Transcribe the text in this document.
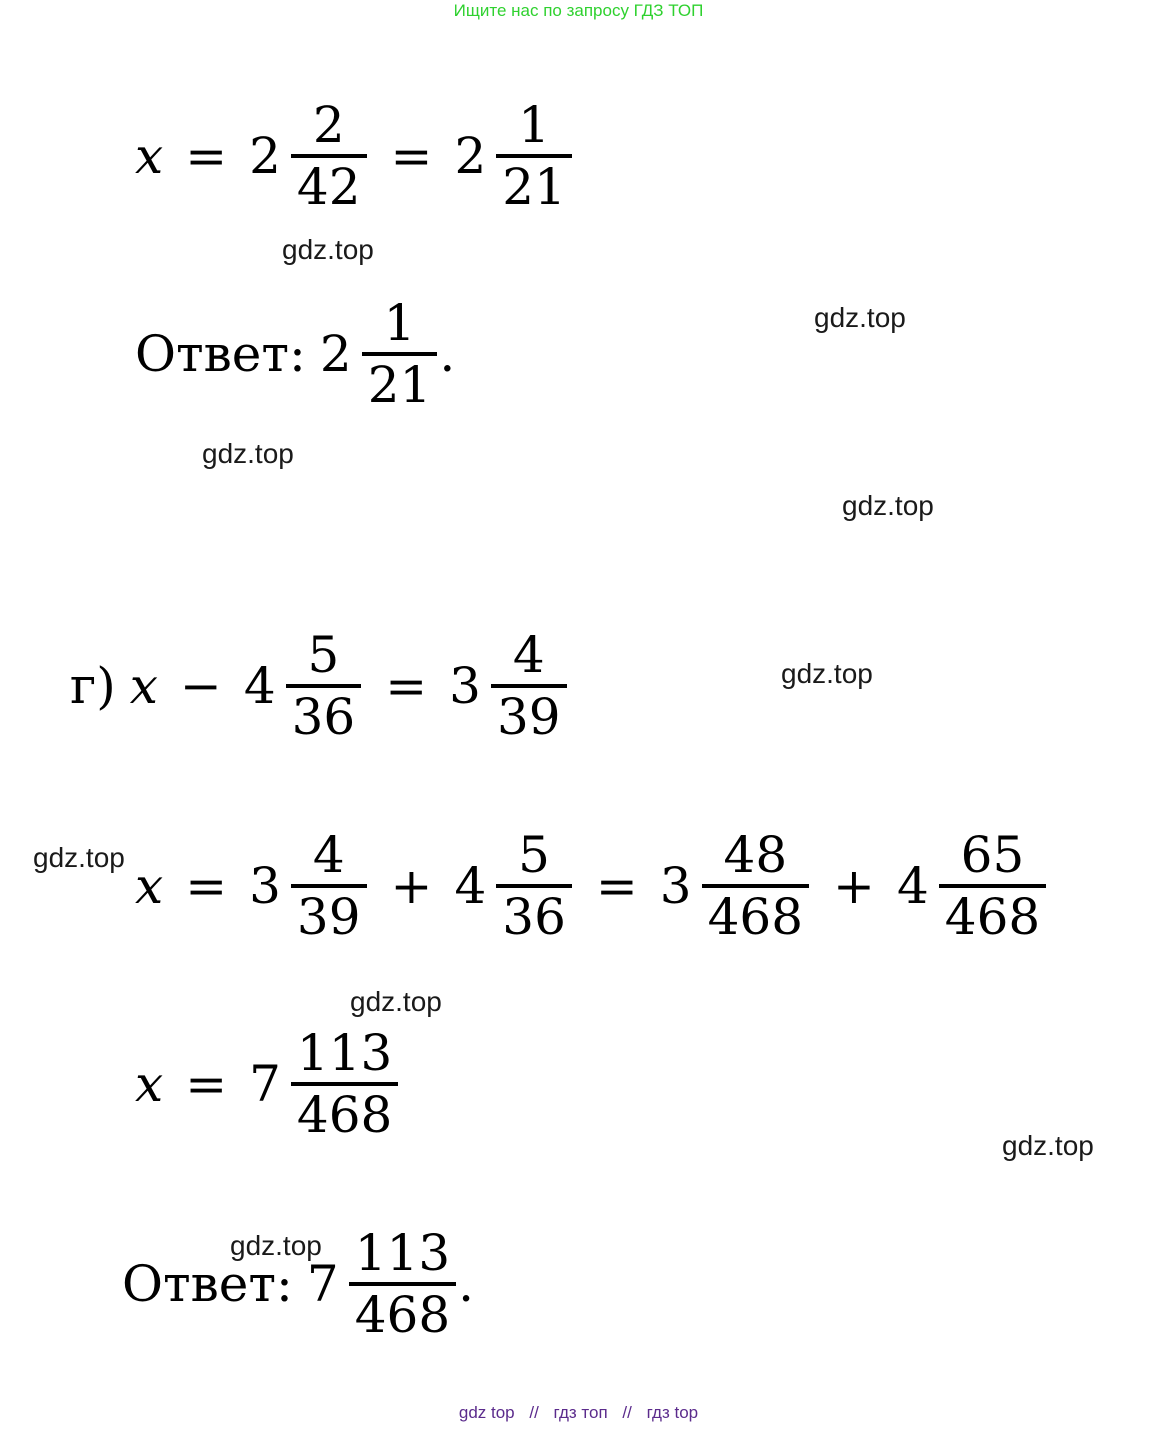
Ищите нас по запросу ГДЗ ТОП
$x = 2 \frac{2}{42} = 2 \frac{1}{21}$
gdz.top
gdz.top
Ответ: $2 \frac{1}{21}$ .
gdz.top
gdz.top
г) $x - 4 \frac{5}{36} = 3 \frac{4}{39}$	gdz.top
gdz.top $x = 3 \frac{4}{39} + 4 \frac{5}{36} = 3 \frac{48}{468} + 4 \frac{65}{468}$
gdz.top
$x = 7 \frac{113}{468}$
gdz.top
gdz.top
Ответ: $7 \frac{113}{468}$ .
gdz top // гдз топ // гдз top
